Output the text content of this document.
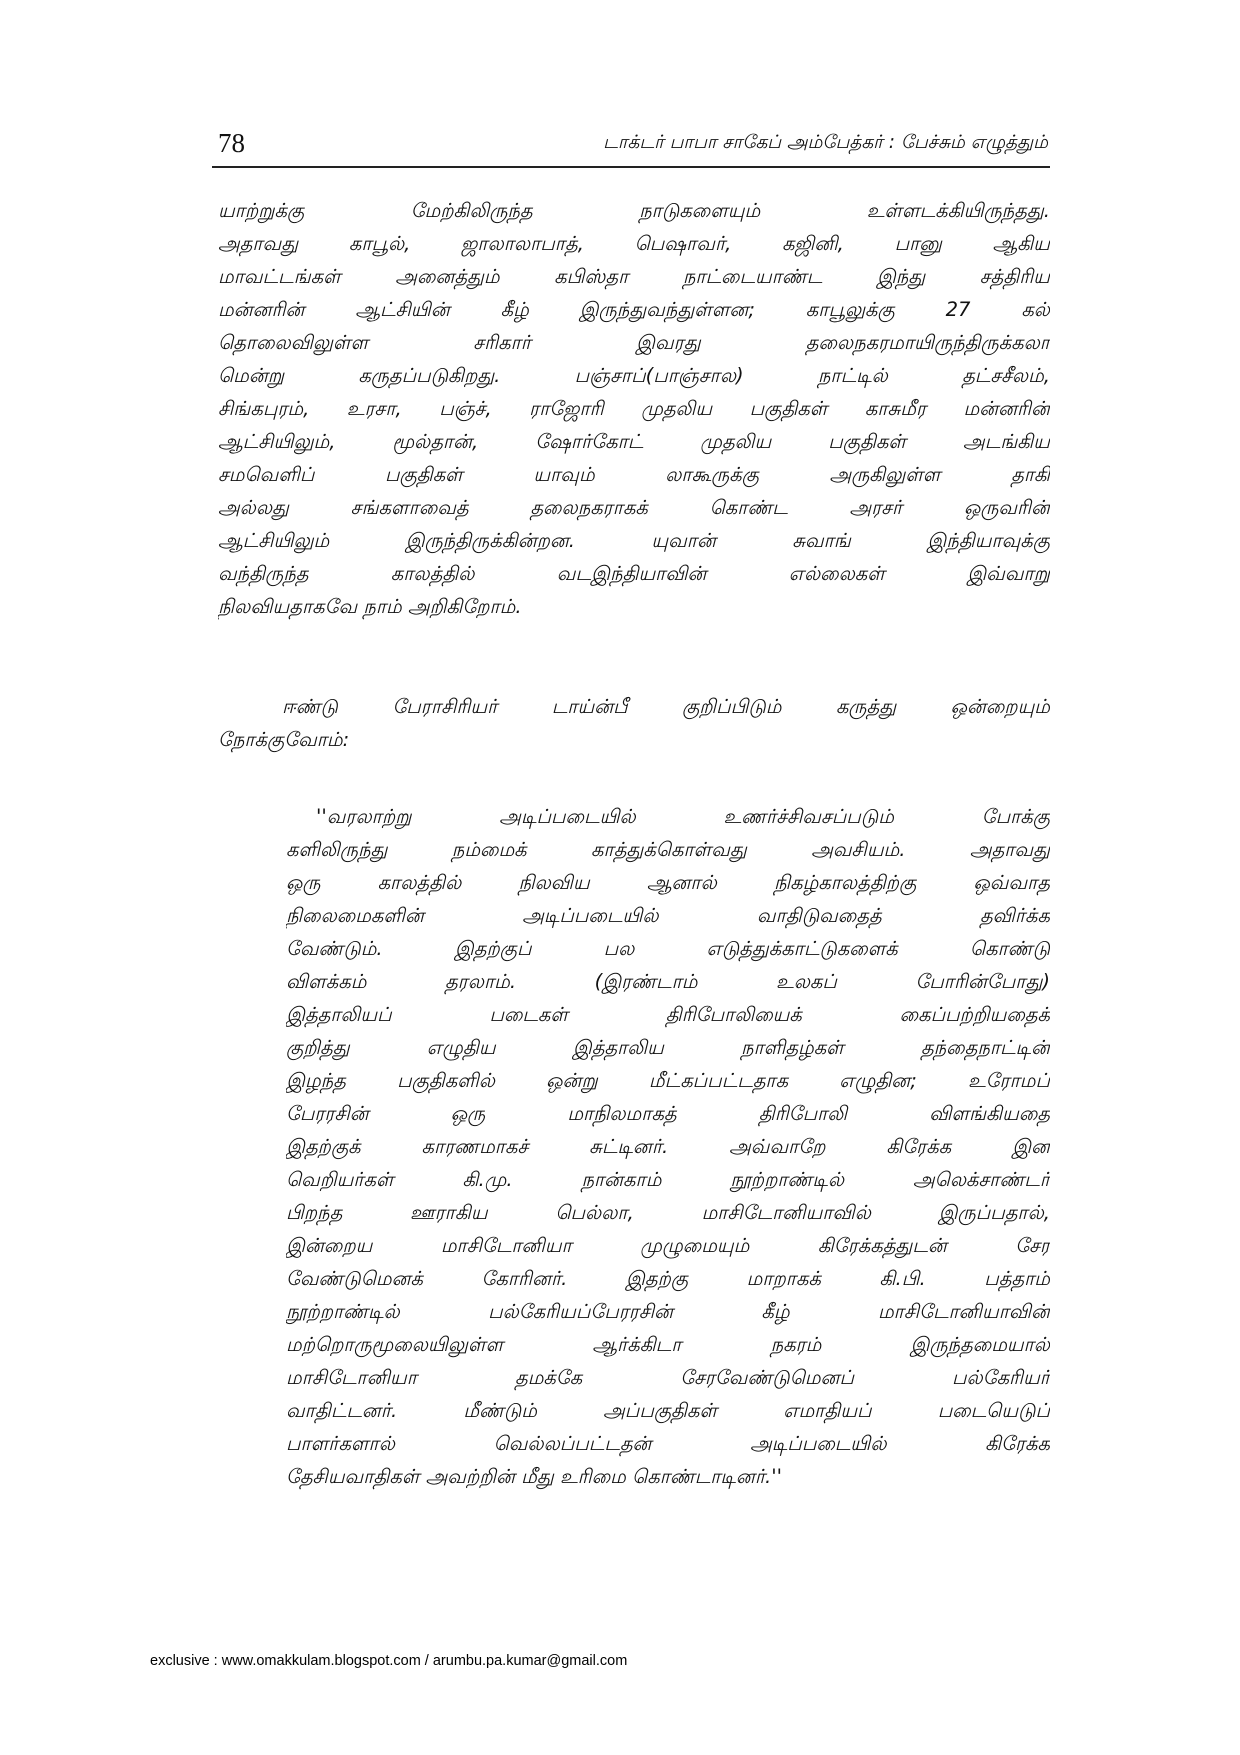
78	டாக்டர் பாபா சாகேப் அம்பேத்கர் : பேச்சும் எழுத்தும்
யாற்றுக்கு மேற்கிலிருந்த நாடுகளையும் உள்ளடக்கியிருந்தது.
அதாவது காபூல், ஜாலாலாபாத், பெஷாவர், கஜினி, பானு ஆகிய
மாவட்டங்கள் அனைத்தும் கபிஸ்தா நாட்டையாண்ட இந்து சத்திரிய
மன்னரின் ஆட்சியின் கீழ் இருந்துவந்துள்ளன; காபூலுக்கு 27 கல்
தொலைவிலுள்ள சரிகார் இவரது தலைநகரமாயிருந்திருக்கலா
மென்று கருதப்படுகிறது. பஞ்சாப்(பாஞ்சால) நாட்டில் தட்சசீலம்,
சிங்கபுரம், உரசா, பஞ்ச், ராஜோரி முதலிய பகுதிகள் காசுமீர மன்னரின்
ஆட்சியிலும், மூல்தான், ஷோர்கோட் முதலிய பகுதிகள் அடங்கிய
சமவெளிப் பகுதிகள் யாவும் லாகூருக்கு அருகிலுள்ள தாகி
அல்லது சங்களாவைத் தலைநகராகக் கொண்ட அரசர் ஒருவரின்
ஆட்சியிலும் இருந்திருக்கின்றன. யுவான் சுவாங் இந்தியாவுக்கு
வந்திருந்த காலத்தில் வடஇந்தியாவின் எல்லைகள் இவ்வாறு
நிலவியதாகவே நாம் அறிகிறோம்.
ஈண்டு பேராசிரியர் டாய்ன்பீ குறிப்பிடும் கருத்து ஒன்றையும்
நோக்குவோம்:
''வரலாற்று அடிப்படையில் உணர்ச்சிவசப்படும் போக்கு
களிலிருந்து நம்மைக் காத்துக்கொள்வது அவசியம். அதாவது
ஒரு காலத்தில் நிலவிய ஆனால் நிகழ்காலத்திற்கு ஒவ்வாத
நிலைமைகளின் அடிப்படையில் வாதிடுவதைத் தவிர்க்க
வேண்டும். இதற்குப் பல எடுத்துக்காட்டுகளைக் கொண்டு
விளக்கம் தரலாம். (இரண்டாம் உலகப் போரின்போது)
இத்தாலியப் படைகள் திரிபோலியைக் கைப்பற்றியதைக்
குறித்து எழுதிய இத்தாலிய நாளிதழ்கள் தந்தைநாட்டின்
இழந்த பகுதிகளில் ஒன்று மீட்கப்பட்டதாக எழுதின; உரோமப்
பேரரசின் ஒரு மாநிலமாகத் திரிபோலி விளங்கியதை
இதற்குக் காரணமாகச் சுட்டினர். அவ்வாறே கிரேக்க இன
வெறியர்கள் கி.மு. நான்காம் நூற்றாண்டில் அலெக்சாண்டர்
பிறந்த ஊராகிய பெல்லா, மாசிடோனியாவில் இருப்பதால்,
இன்றைய மாசிடோனியா முழுமையும் கிரேக்கத்துடன் சேர
வேண்டுமெனக் கோரினர். இதற்கு மாறாகக் கி.பி. பத்தாம்
நூற்றாண்டில் பல்கேரியப்பேரரசின் கீழ் மாசிடோனியாவின்
மற்றொருமூலையிலுள்ள ஆர்க்கிடா நகரம் இருந்தமையால்
மாசிடோனியா தமக்கே சேரவேண்டுமெனப் பல்கேரியர்
வாதிட்டனர். மீண்டும் அப்பகுதிகள் எமாதியப் படையெடுப்
பாளர்களால் வெல்லப்பட்டதன் அடிப்படையில் கிரேக்க
தேசியவாதிகள் அவற்றின் மீது உரிமை கொண்டாடினர்.''
exclusive : www.omakkulam.blogspot.com / arumbu.pa.kumar@gmail.com
